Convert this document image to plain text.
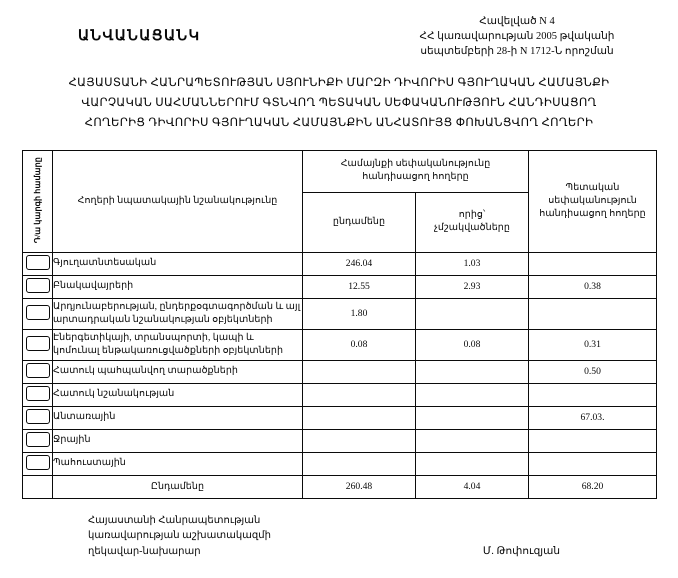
ԱՆՎԱՆԱՑԱՆԿ
Հավելված N 4
ՀՀ կառավարության 2005 թվականի
սեպտեմբերի 28-ի N 1712-Ն որոշման
ՀԱՅԱՍՏԱՆԻ ՀԱՆՐԱՊԵՏՈՒԹՅԱՆ ՍՅՈՒՆԻՔԻ ՄԱՐԶԻ ԴԻՎՈՐԻՍ ԳՅՈՒՂԱԿԱՆ ՀԱՄԱՅՆՔԻ
ՎԱՐՉԱԿԱՆ ՍԱՀՄԱՆՆԵՐՈՒՄ ԳՏՆՎՈՂ ՊԵՏԱԿԱՆ ՍԵՓԱԿԱՆՈՒԹՅՈՒՆ ՀԱՆԴԻՍԱՑՈՂ
ՀՈՂԵՐԻՑ ԴԻՎՈՐԻՍ ԳՅՈՒՂԱԿԱՆ ՀԱՄԱՅՆՔԻՆ ԱՆՀԱՏՈՒՅՑ ՓՈԽԱՆՑՎՈՂ ՀՈՂԵՐԻ
Դ/ա կարգի համարը	Հողերի նպատակային նշանակությունը	Համայնքի սեփականությունը հանդիսացող հողերը		Պետական սեփականություն հանդիսացող հողերը

		ընդամենը	որից՝ չմշակվածները	

	Գյուղատնտեսական	246.04	1.03	
	Բնակավայրերի	12.55	2.93	0.38
	Արդյունաբերության, ընդերքօգտագործման և այլ արտադրական նշանակության օբյեկտների	1.80		
	Էներգետիկայի, տրանսպորտի, կապի և կոմունալ ենթակառուցվածքների օբյեկտների	0.08	0.08	0.31
	Հատուկ պահպանվող տարածքների			0.50
	Հատուկ նշանակության			
	Անտառային			67.03.
	Ջրային			
	Պահուստային			
	Ընդամենը	260.48	4.04	68.20
Հայաստանի Հանրապետության
կառավարության աշխատակազմի
ղեկավար-նախարար	Մ. Թոփուզյան
